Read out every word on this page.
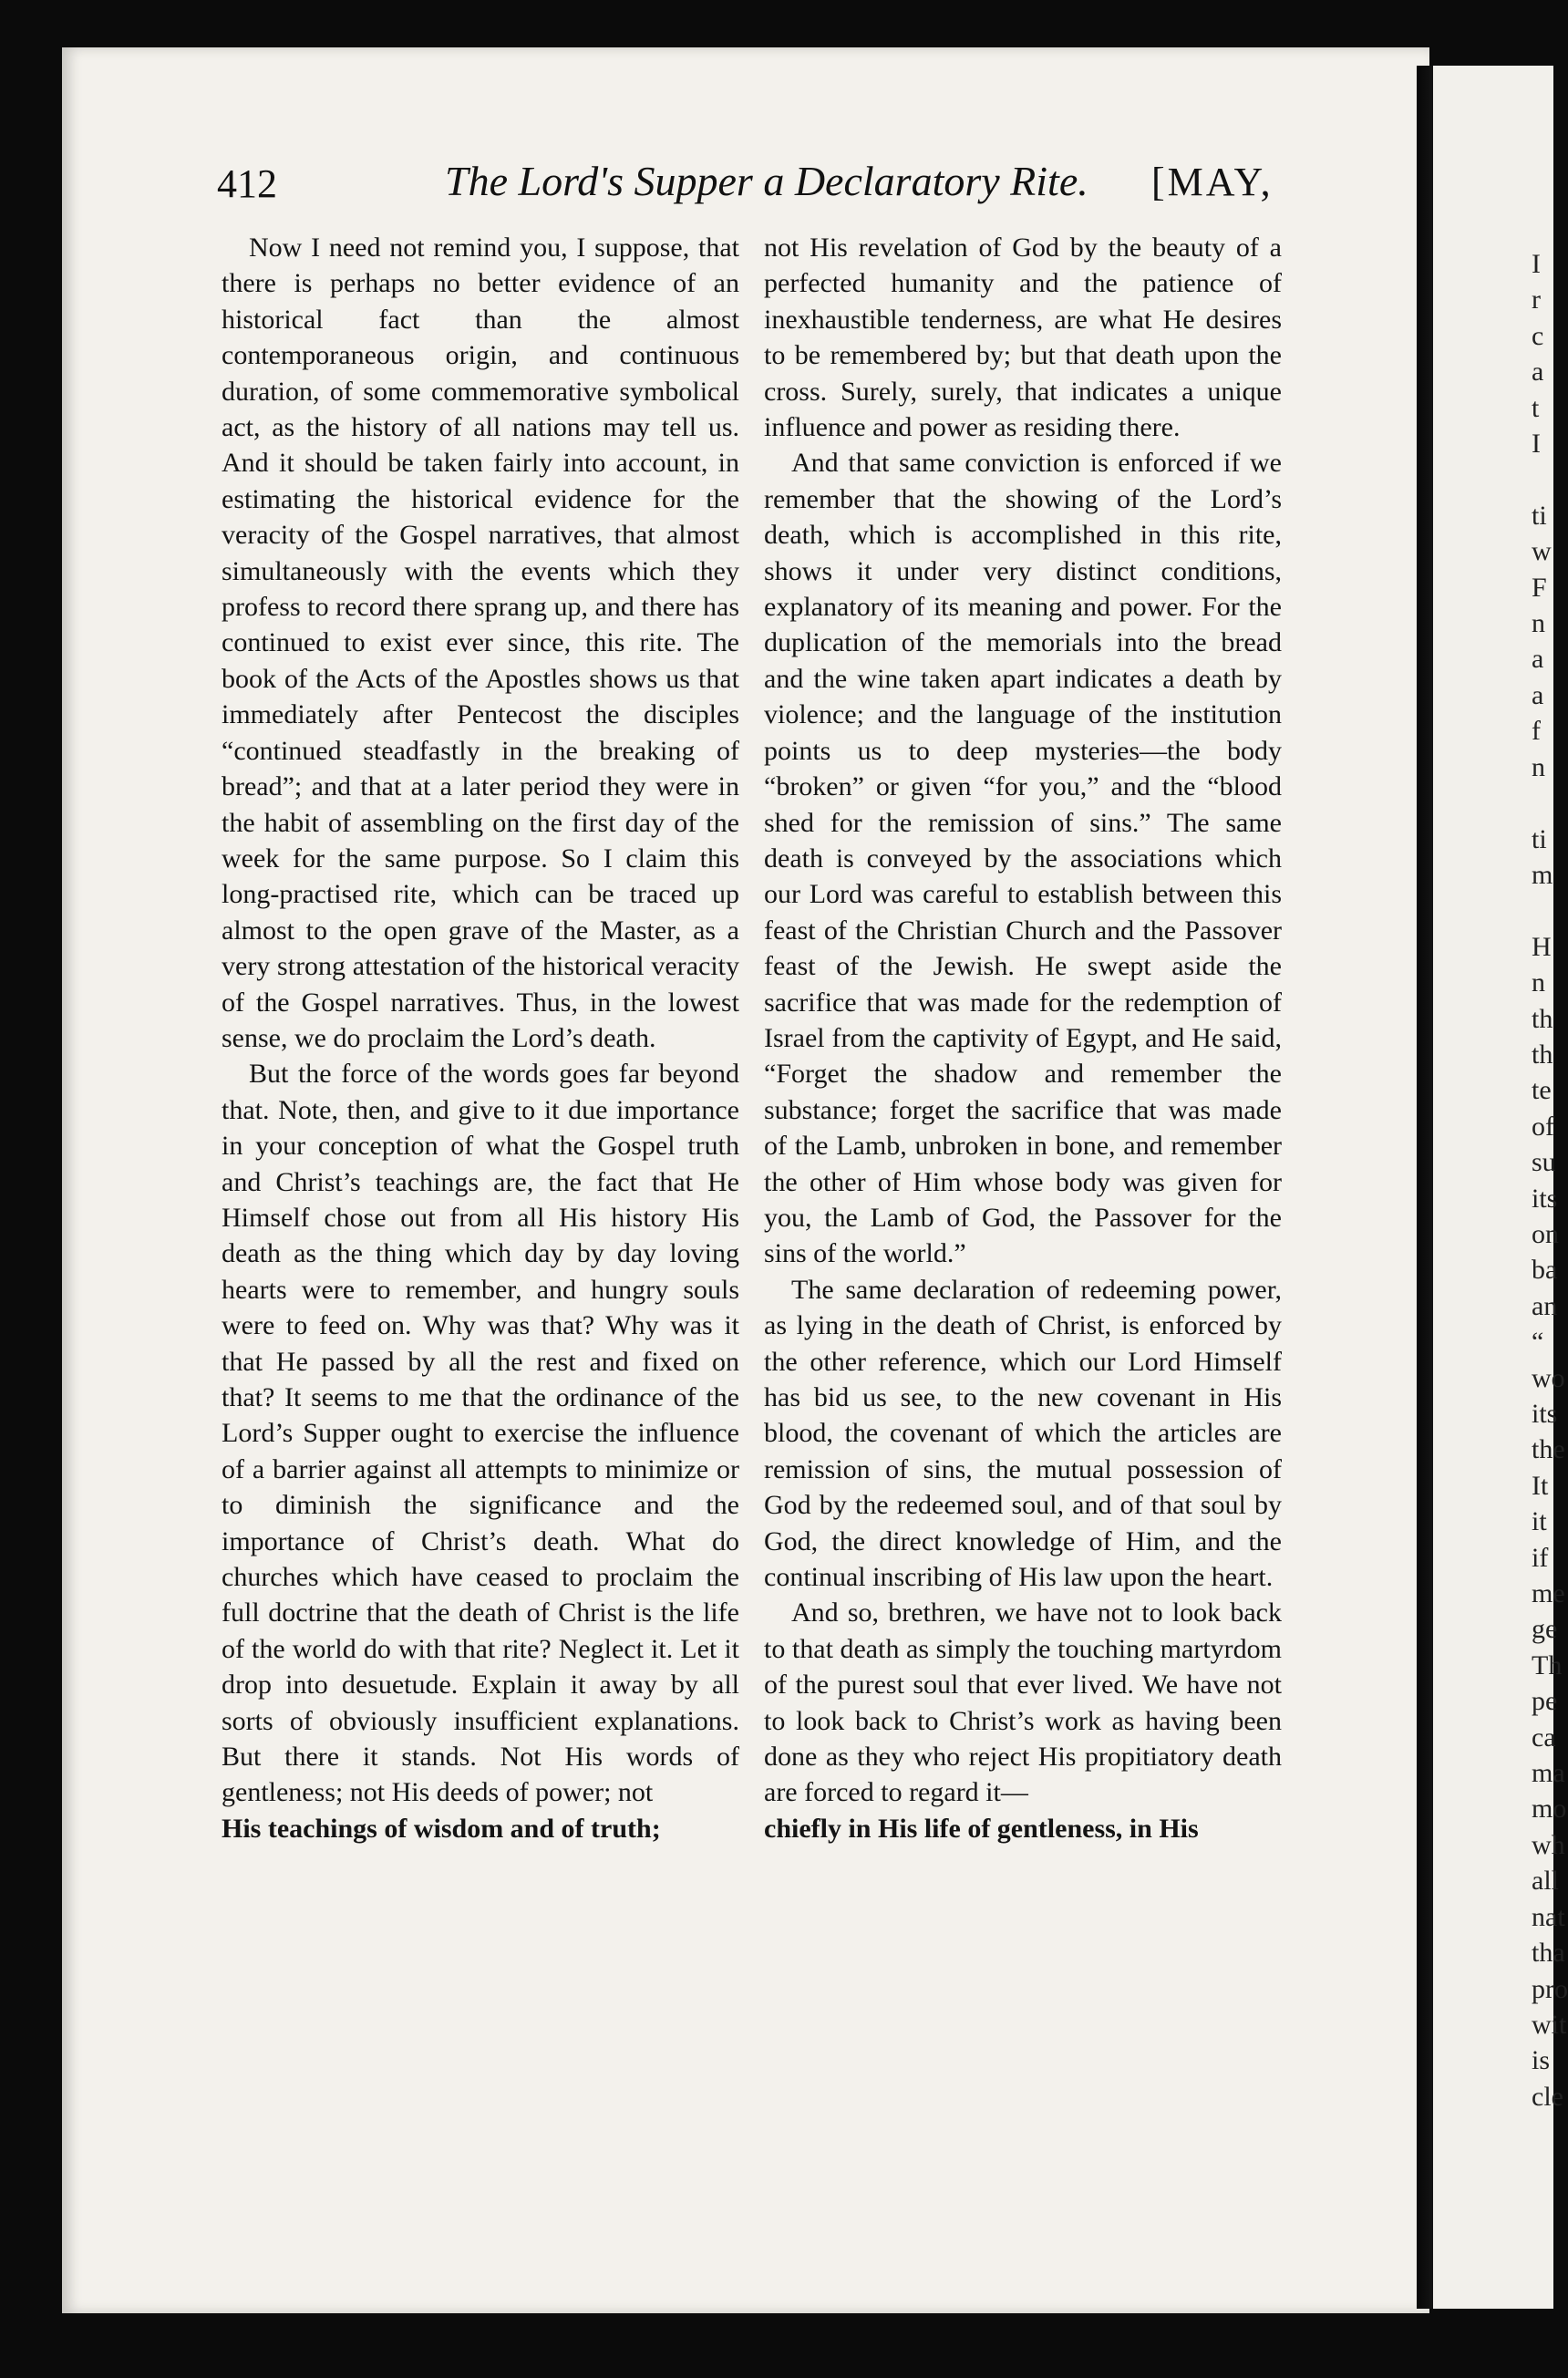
412	The Lord's Supper a Declaratory Rite. [MAY,

Now I need not remind you, I suppose, that there is perhaps no better evidence of an historical fact than the almost contemporaneous origin, and continuous duration, of some commemorative symbolical act, as the history of all nations may tell us. And it should be taken fairly into account, in estimating the historical evidence for the veracity of the Gospel narratives, that almost simultaneously with the events which they profess to record there sprang up, and there has continued to exist ever since, this rite. The book of the Acts of the Apostles shows us that immediately after Pentecost the disciples “continued steadfastly in the breaking of bread”; and that at a later period they were in the habit of assembling on the first day of the week for the same purpose. So I claim this long-practised rite, which can be traced up almost to the open grave of the Master, as a very strong attestation of the historical veracity of the Gospel narratives. Thus, in the lowest sense, we do proclaim the Lord’s death.

But the force of the words goes far beyond that. Note, then, and give to it due importance in your conception of what the Gospel truth and Christ’s teachings are, the fact that He Himself chose out from all His history His death as the thing which day by day loving hearts were to remember, and hungry souls were to feed on. Why was that? Why was it that He passed by all the rest and fixed on that? It seems to me that the ordinance of the Lord’s Supper ought to exercise the influence of a barrier against all attempts to minimize or to diminish the significance and the importance of Christ’s death. What do churches which have ceased to proclaim the full doctrine that the death of Christ is the life of the world do with that rite? Neglect it. Let it drop into desuetude. Explain it away by all sorts of obviously insufficient explanations. But there it stands. Not His words of gentleness; not His deeds of power; not

His teachings of wisdom and of truth;

not His revelation of God by the beauty of a perfected humanity and the patience of inexhaustible tenderness, are what He desires to be remembered by; but that death upon the cross. Surely, surely, that indicates a unique influence and power as residing there.

And that same conviction is enforced if we remember that the showing of the Lord’s death, which is accomplished in this rite, shows it under very distinct conditions, explanatory of its meaning and power. For the duplication of the memorials into the bread and the wine taken apart indicates a death by violence; and the language of the institution points us to deep mysteries—the body “broken” or given “for you,” and the “blood shed for the remission of sins.” The same death is conveyed by the associations which our Lord was careful to establish between this feast of the Christian Church and the Passover feast of the Jewish. He swept aside the sacrifice that was made for the redemption of Israel from the captivity of Egypt, and He said, “Forget the shadow and remember the substance; forget the sacrifice that was made of the Lamb, unbroken in bone, and remember the other of Him whose body was given for you, the Lamb of God, the Passover for the sins of the world.”

The same declaration of redeeming power, as lying in the death of Christ, is enforced by the other reference, which our Lord Himself has bid us see, to the new covenant in His blood, the covenant of which the articles are remission of sins, the mutual possession of God by the redeemed soul, and of that soul by God, the direct knowledge of Him, and the continual inscribing of His law upon the heart.

And so, brethren, we have not to look back to that death as simply the touching martyrdom of the purest soul that ever lived. We have not to look back to Christ’s work as having been done as they who reject His propitiatory death are forced to regard it—

chiefly in His life of gentleness, in His

I
r
c
a
t
I

ti
w
F
n
a
a
f
n

ti
m

H
n
th
th
te
of
su
its
on
ba
an
“
wo
its
the
It
it
if
me
ge
Th
pe
ca
ma
mo
wh
all
nat
tha
pro
wit
is
cle
